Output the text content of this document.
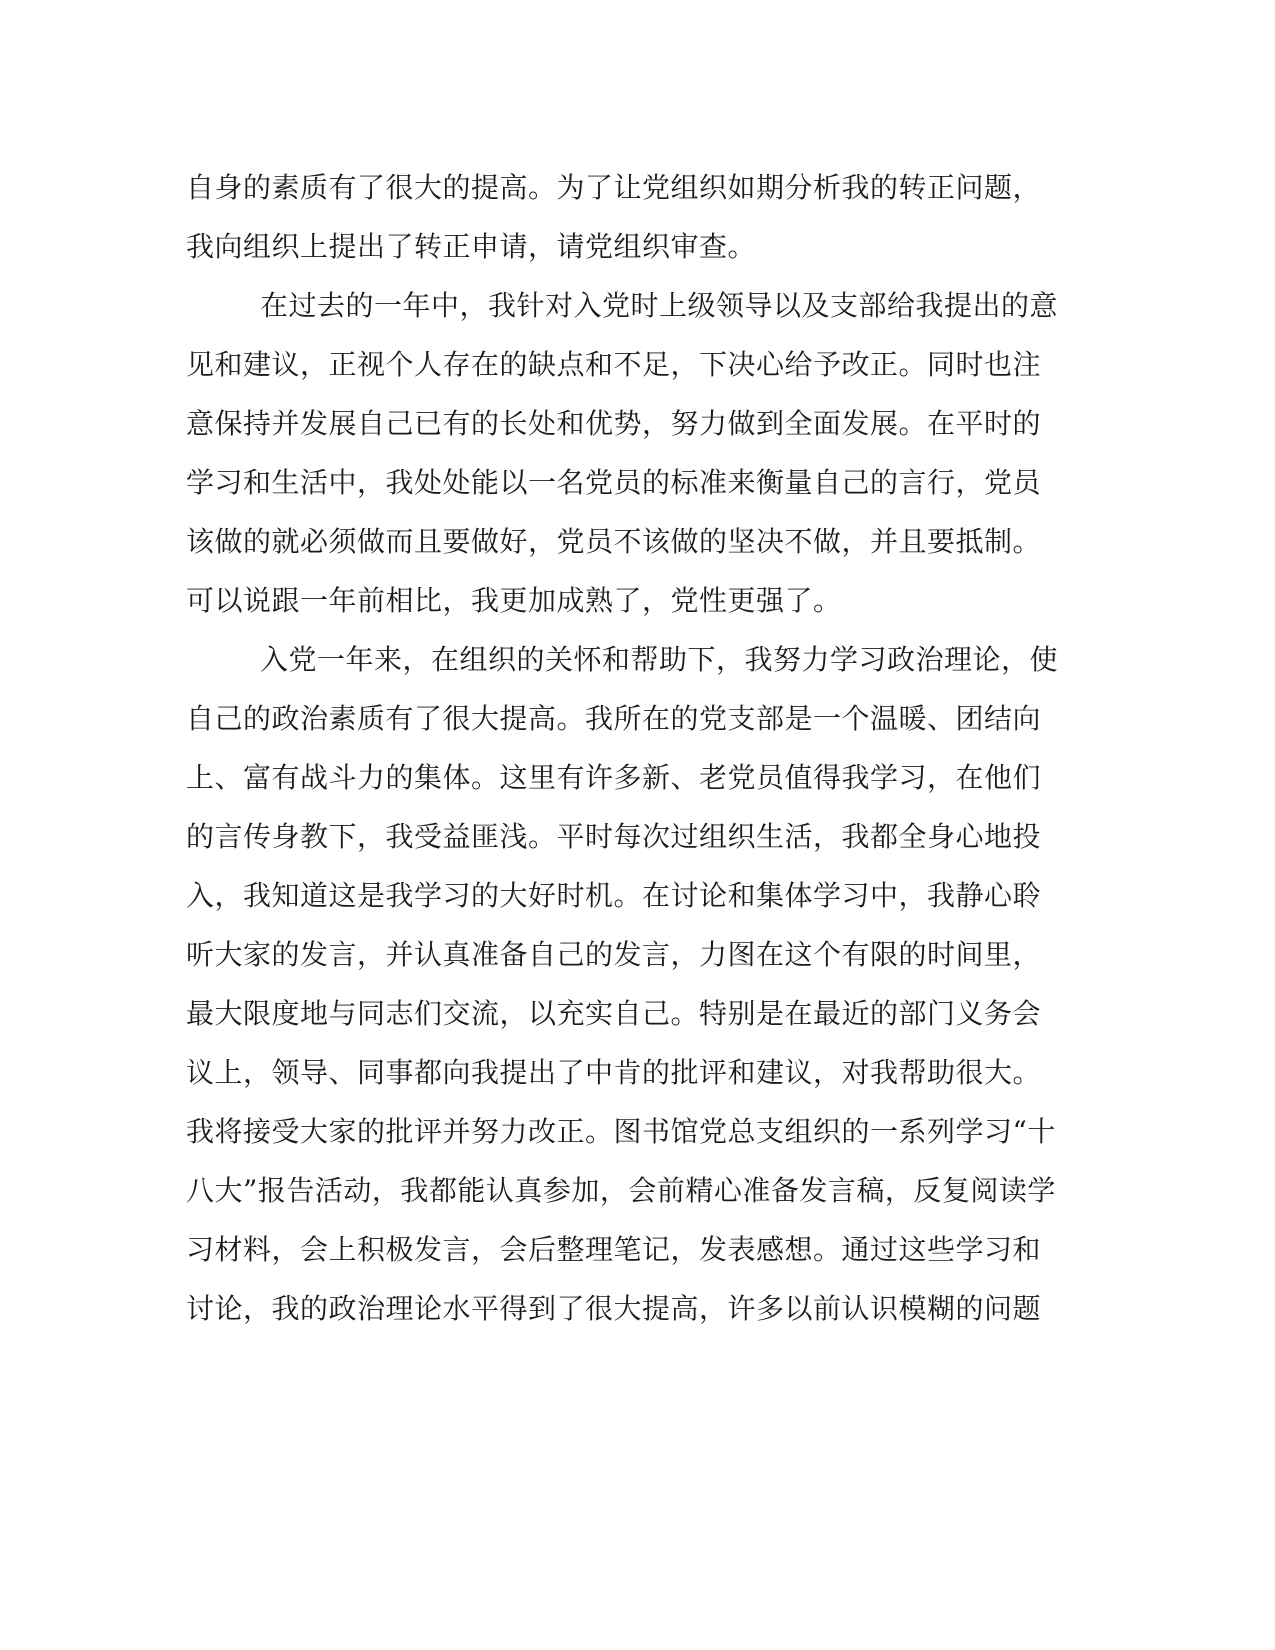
自身的素质有了很大的提高。为了让党组织如期分析我的转正问题，
我向组织上提出了转正申请，请党组织审查。
在过去的一年中，我针对入党时上级领导以及支部给我提出的意
见和建议，正视个人存在的缺点和不足，下决心给予改正。同时也注
意保持并发展自己已有的长处和优势，努力做到全面发展。在平时的
学习和生活中，我处处能以一名党员的标准来衡量自己的言行，党员
该做的就必须做而且要做好，党员不该做的坚决不做，并且要抵制。
可以说跟一年前相比，我更加成熟了，党性更强了。
入党一年来，在组织的关怀和帮助下，我努力学习政治理论，使
自己的政治素质有了很大提高。我所在的党支部是一个温暖、团结向
上、富有战斗力的集体。这里有许多新、老党员值得我学习，在他们
的言传身教下，我受益匪浅。平时每次过组织生活，我都全身心地投
入，我知道这是我学习的大好时机。在讨论和集体学习中，我静心聆
听大家的发言，并认真准备自己的发言，力图在这个有限的时间里，
最大限度地与同志们交流，以充实自己。特别是在最近的部门义务会
议上，领导、同事都向我提出了中肯的批评和建议，对我帮助很大。
我将接受大家的批评并努力改正。图书馆党总支组织的一系列学习“十
八大”报告活动，我都能认真参加，会前精心准备发言稿，反复阅读学
习材料，会上积极发言，会后整理笔记，发表感想。通过这些学习和
讨论，我的政治理论水平得到了很大提高，许多以前认识模糊的问题
